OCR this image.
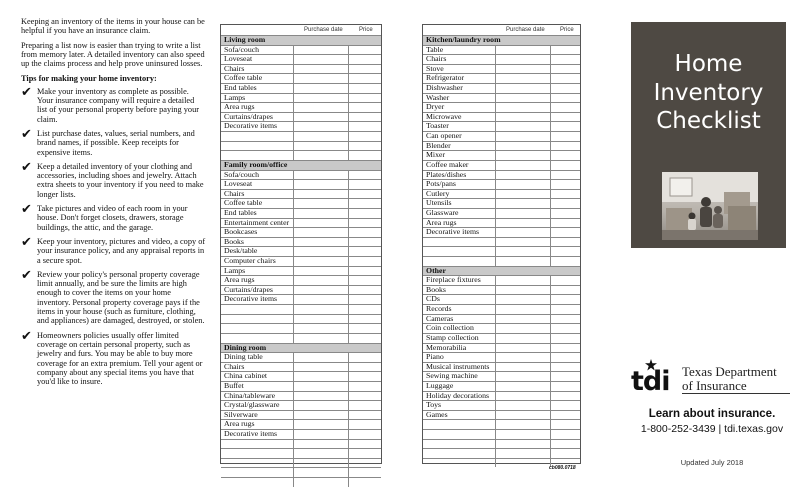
Keeping an inventory of the items in your house can be helpful if you have an insurance claim.

Preparing a list now is easier than trying to write a list from memory later. A detailed inventory can also speed up the claims process and help prove uninsured losses.

Tips for making your home inventory:
✔ Make your inventory as complete as possible. Your insurance company will require a detailed list of your personal property before paying your claim.
✔ List purchase dates, values, serial numbers, and brand names, if possible. Keep receipts for expensive items.
✔ Keep a detailed inventory of your clothing and accessories, including shoes and jewelry. Attach extra sheets to your inventory if you need to make longer lists.
✔ Take pictures and video of each room in your house. Don't forget closets, drawers, storage buildings, the attic, and the garage.
✔ Keep your inventory, pictures and video, a copy of your insurance policy, and any appraisal reports in a secure spot.
✔ Review your policy's personal property coverage limit annually, and be sure the limits are high enough to cover the items on your home inventory. Personal property coverage pays if the items in your house (such as furniture, clothing, and appliances) are damaged, destroyed, or stolen.
✔ Homeowners policies usually offer limited coverage on certain personal property, such as jewelry and furs. You may be able to buy more coverage for an extra premium. Tell your agent or company about any special items you have that you'd like to insure.
Purchase date	Price
Living room
Sofa/couch
Loveseat
Chairs
Coffee table
End tables
Lamps
Area rugs
Curtains/drapes
Decorative items
Family room/office
Sofa/couch
Loveseat
Chairs
Coffee table
End tables
Entertainment center
Bookcases
Books
Desk/table
Computer chairs
Lamps
Area rugs
Curtains/drapes
Decorative items
Dining room
Dining table
Chairs
China cabinet
Buffet
China/tableware
Crystal/glassware
Silverware
Area rugs
Decorative items
Purchase date	Price
Kitchen/laundry room
Table
Chairs
Stove
Refrigerator
Dishwasher
Washer
Dryer
Microwave
Toaster
Can opener
Blender
Mixer
Coffee maker
Plates/dishes
Pots/pans
Cutlery
Utensils
Glassware
Area rugs
Decorative items
Other
Fireplace fixtures
Books
CDs
Records
Cameras
Coin collection
Stamp collection
Memorabilia
Piano
Musical instruments
Sewing machine
Luggage
Holiday decorations
Toys
Games
cb080.0718
Home
Inventory
Checklist
tdi Texas Department
of Insurance
Learn about insurance.
1-800-252-3439 | tdi.texas.gov
Updated July 2018
